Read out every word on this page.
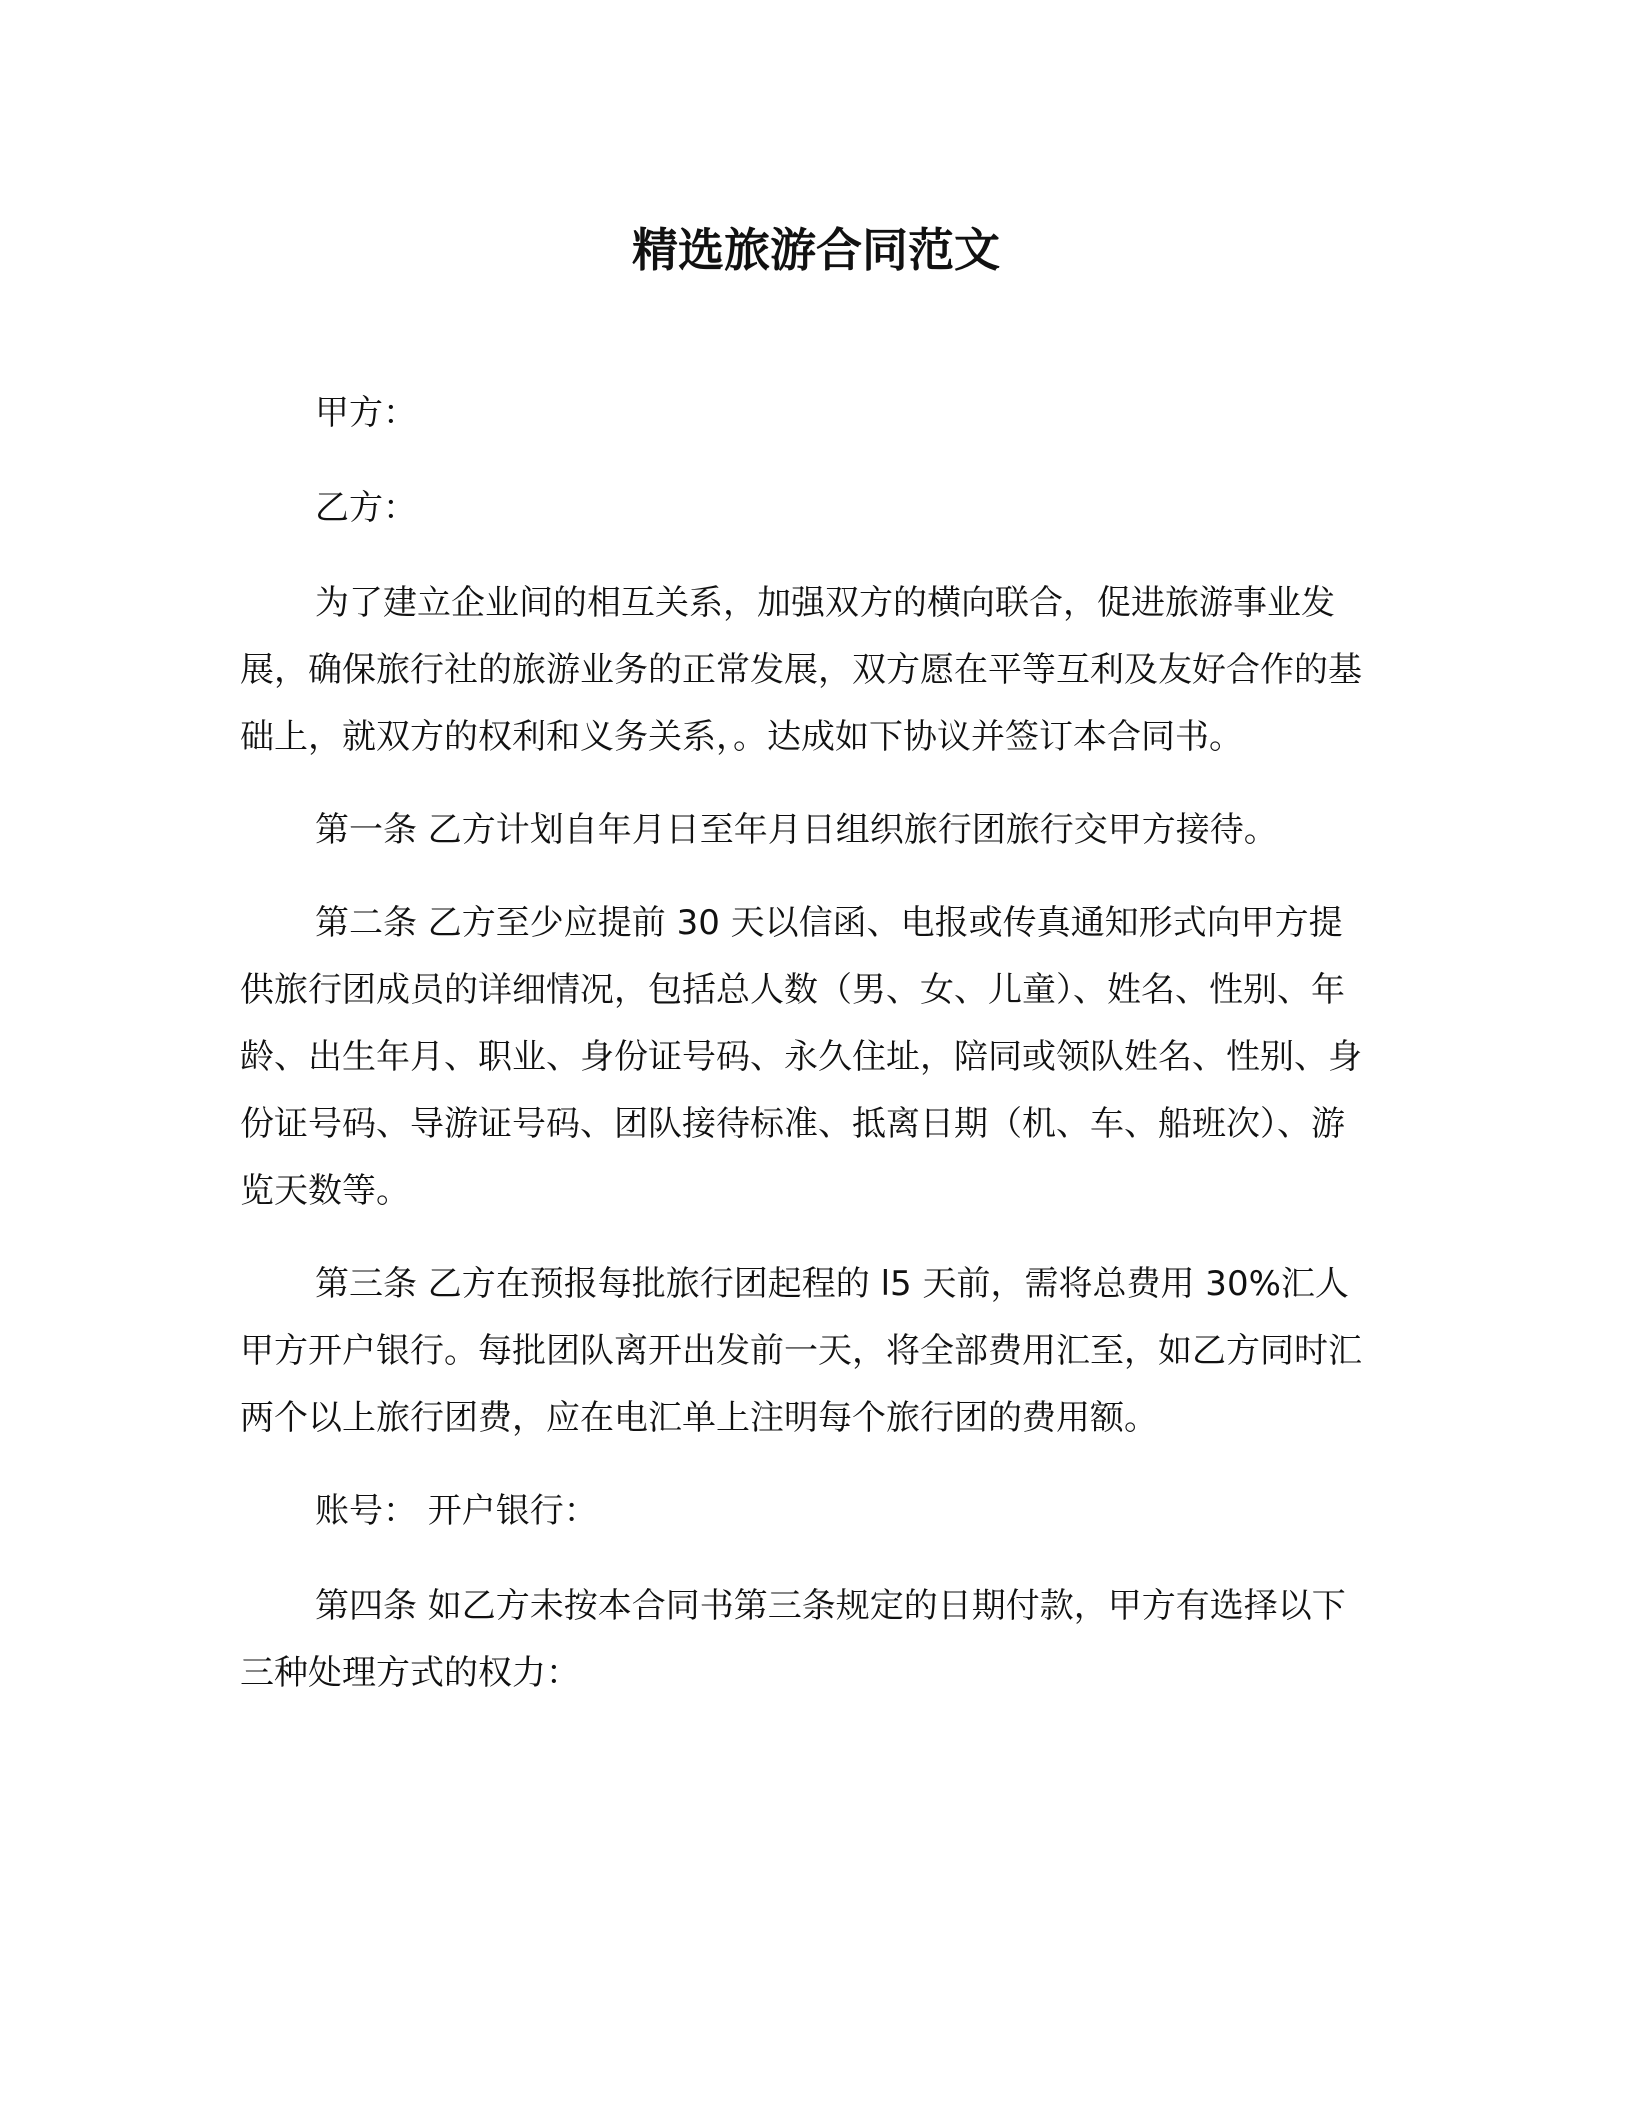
精选旅游合同范文

甲方：

乙方：

为了建立企业间的相互关系，加强双方的横向联合，促进旅游事业发展，确保旅行社的旅游业务的正常发展，双方愿在平等互利及友好合作的基础上，就双方的权利和义务关系，。达成如下协议并签订本合同书。

第一条 乙方计划自年月日至年月日组织旅行团旅行交甲方接待。

第二条 乙方至少应提前 30 天以信函、电报或传真通知形式向甲方提供旅行团成员的详细情况，包括总人数（男、女、儿童）、姓名、性别、年龄、出生年月、职业、身份证号码、永久住址，陪同或领队姓名、性别、身份证号码、导游证号码、团队接待标准、抵离日期（机、车、船班次）、游览天数等。

第三条 乙方在预报每批旅行团起程的 l5 天前，需将总费用 30%汇人甲方开户银行。每批团队离开出发前一天，将全部费用汇至，如乙方同时汇两个以上旅行团费，应在电汇单上注明每个旅行团的费用额。

账号： 开户银行：

第四条 如乙方未按本合同书第三条规定的日期付款，甲方有选择以下三种处理方式的权力：
